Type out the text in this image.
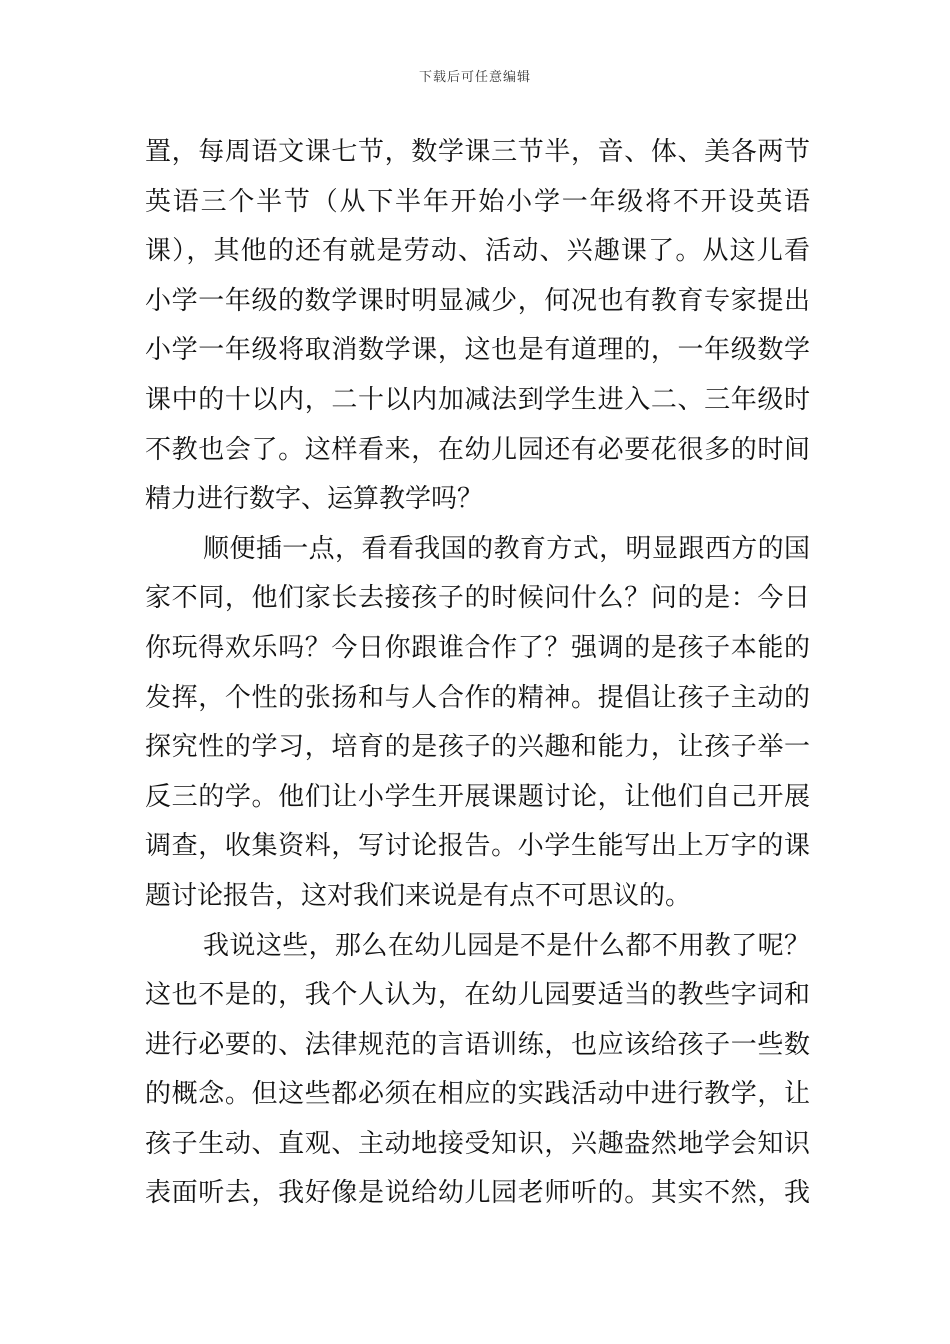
下载后可任意编辑
置，每周语文课七节，数学课三节半，音、体、美各两节
英语三个半节（从下半年开始小学一年级将不开设英语
课），其他的还有就是劳动、活动、兴趣课了。从这儿看
小学一年级的数学课时明显减少，何况也有教育专家提出
小学一年级将取消数学课，这也是有道理的，一年级数学
课中的十以内，二十以内加减法到学生进入二、三年级时
不教也会了。这样看来，在幼儿园还有必要花很多的时间
精力进行数字、运算教学吗？
顺便插一点，看看我国的教育方式，明显跟西方的国
家不同，他们家长去接孩子的时候问什么？问的是：今日
你玩得欢乐吗？今日你跟谁合作了？强调的是孩子本能的
发挥，个性的张扬和与人合作的精神。提倡让孩子主动的
探究性的学习，培育的是孩子的兴趣和能力，让孩子举一
反三的学。他们让小学生开展课题讨论，让他们自己开展
调查，收集资料，写讨论报告。小学生能写出上万字的课
题讨论报告，这对我们来说是有点不可思议的。
我说这些，那么在幼儿园是不是什么都不用教了呢？
这也不是的，我个人认为，在幼儿园要适当的教些字词和
进行必要的、法律规范的言语训练，也应该给孩子一些数
的概念。但这些都必须在相应的实践活动中进行教学，让
孩子生动、直观、主动地接受知识，兴趣盎然地学会知识
表面听去，我好像是说给幼儿园老师听的。其实不然，我
